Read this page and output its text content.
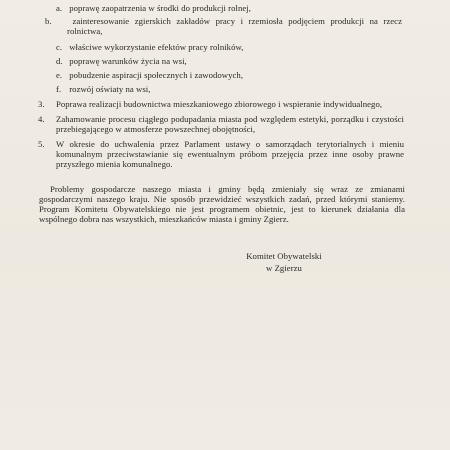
a. poprawę zaopatrzenia w środki do produkcji rolnej,
b. zainteresowanie zgierskich zakładów pracy i rzemiosła podjęciem produkcji na rzecz rolnictwa,
c. właściwe wykorzystanie efektów pracy rolników,
d. poprawę warunków życia na wsi,
e. pobudzenie aspiracji społecznych i zawodowych,
f. rozwój oświaty na wsi,
3. Poprawa realizacji budownictwa mieszkaniowego zbiorowego i wspieranie indywidualnego,
4. Zahamowanie procesu ciągłego podupadania miasta pod względem estetyki, porządku i czystości przebiegającego w atmosferze powszechnej obojętności,
5. W okresie do uchwalenia przez Parlament ustawy o samorządach terytorialnych i mieniu komunalnym przeciwstawianie się ewentualnym próbom przejęcia przez inne osoby prawne przyszłego mienia komunalnego.
Problemy gospodarcze naszego miasta i gminy będą zmieniały się wraz ze zmianami gospodarczymi naszego kraju. Nie sposób przewidzieć wszystkich zadań, przed którymi staniemy. Program Komitetu Obywatelskiego nie jest programem obietnic, jest to kierunek działania dla wspólnego dobra nas wszystkich, mieszkańców miasta i gminy Zgierz.
Komitet Obywatelski
w Zgierzu
